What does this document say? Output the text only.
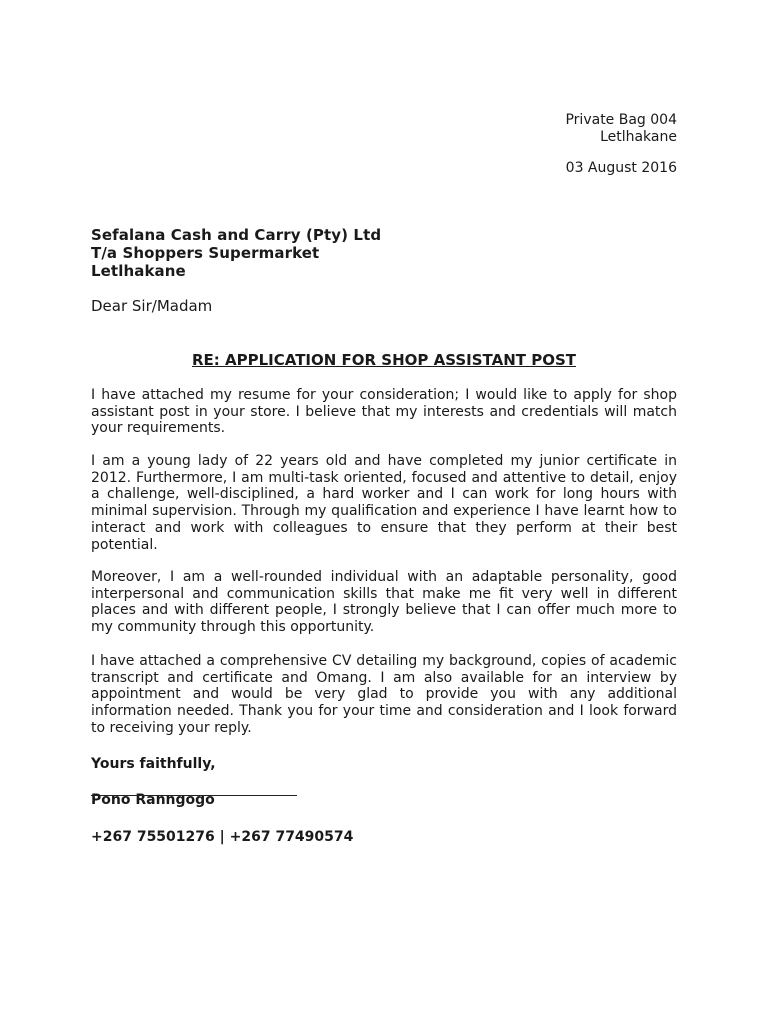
Private Bag 004
Letlhakane
03 August 2016
Sefalana Cash and Carry (Pty) Ltd
T/a Shoppers Supermarket
Letlhakane
Dear Sir/Madam
RE: APPLICATION FOR SHOP ASSISTANT POST
I have attached my resume for your consideration; I would like to apply for shop assistant post in your store. I believe that my interests and credentials will match your requirements.
I am a young lady of 22 years old and have completed my junior certificate in 2012. Furthermore, I am multi-task oriented, focused and attentive to detail, enjoy a challenge, well-disciplined, a hard worker and I can work for long hours with minimal supervision. Through my qualification and experience I have learnt how to interact and work with colleagues to ensure that they perform at their best potential.
Moreover, I am a well-rounded individual with an adaptable personality, good interpersonal and communication skills that make me fit very well in different places and with different people, I strongly believe that I can offer much more to my community through this opportunity.
I have attached a comprehensive CV detailing my background, copies of academic transcript and certificate and Omang. I am also available for an interview by appointment and would be very glad to provide you with any additional information needed. Thank you for your time and consideration and I look forward to receiving your reply.
Yours faithfully,
Pono Ranngogo
+267 75501276 | +267 77490574
